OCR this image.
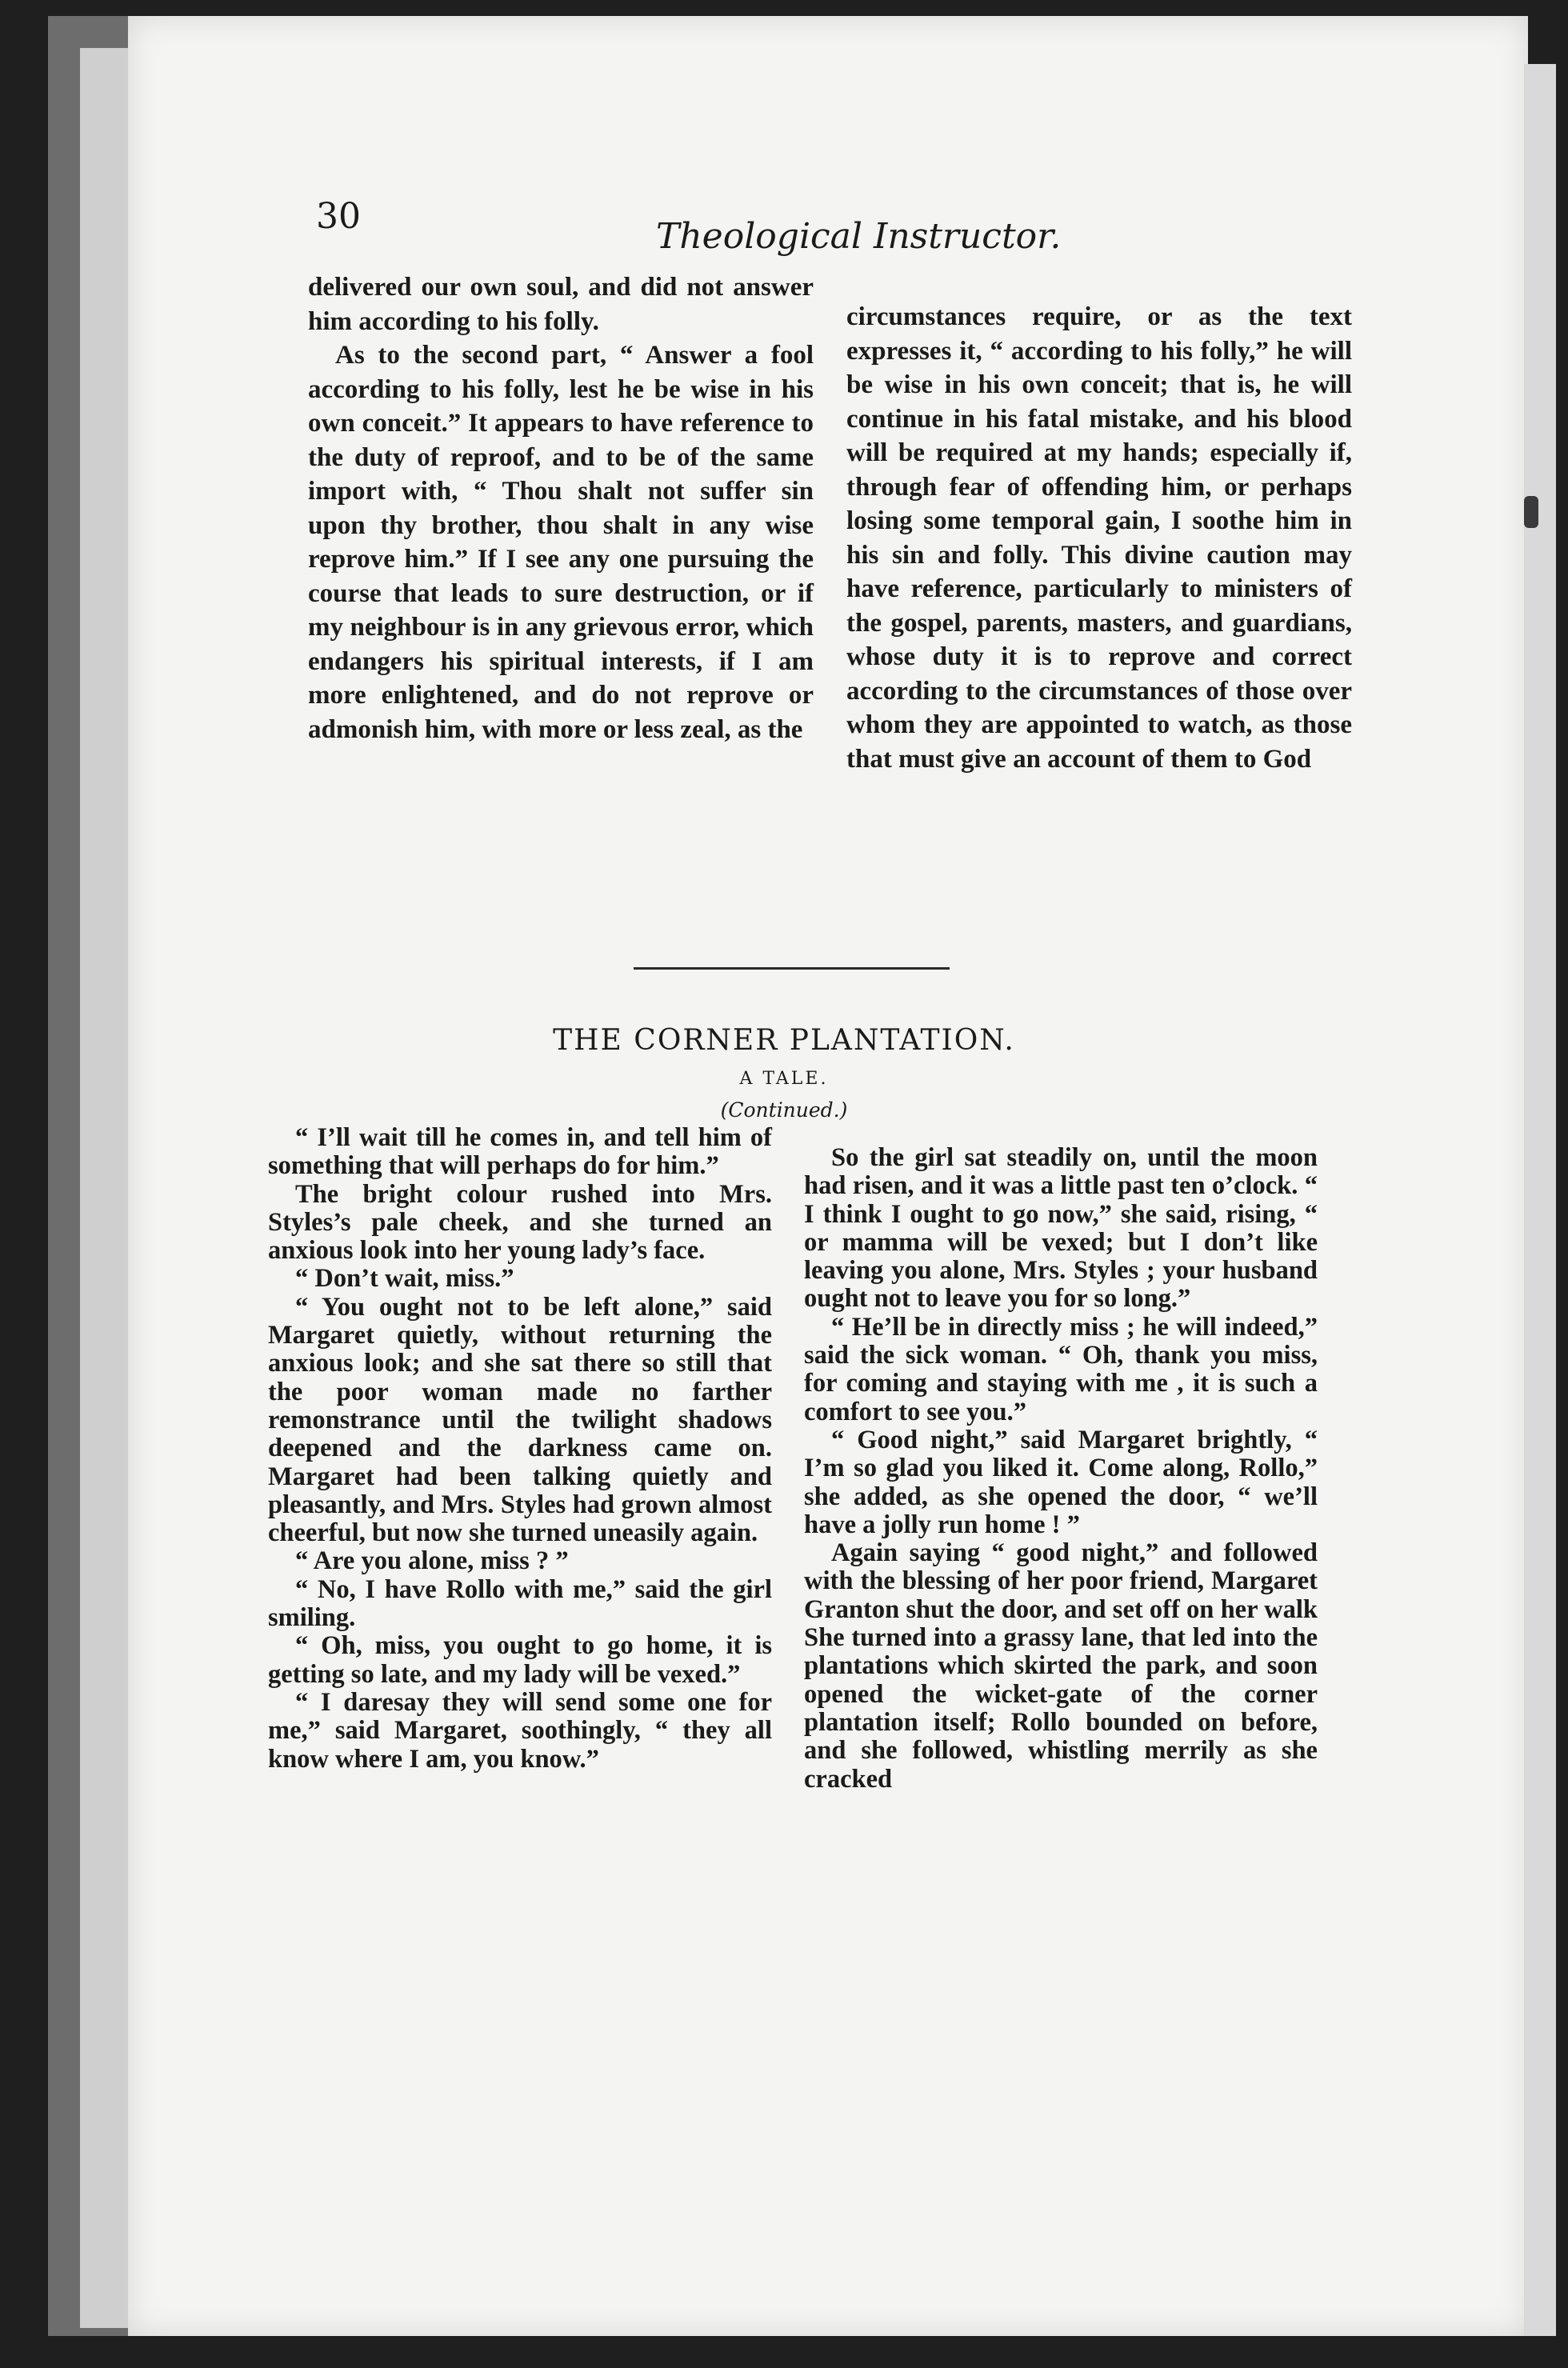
30	Theological Instructor.

delivered our own soul, and did not answer him according to his folly.

As to the second part, “ Answer a fool according to his folly, lest he be wise in his own conceit.” It appears to have reference to the duty of reproof, and to be of the same import with, “ Thou shalt not suffer sin upon thy brother, thou shalt in any wise reprove him.” If I see any one pursuing the course that leads to sure destruction, or if my neighbour is in any grievous error, which endangers his spiritual interests, if I am more enlightened, and do not reprove or admonish him, with more or less zeal, as the

circumstances require, or as the text expresses it, “ according to his folly,” he will be wise in his own conceit; that is, he will continue in his fatal mistake, and his blood will be required at my hands; especially if, through fear of offending him, or perhaps losing some temporal gain, I soothe him in his sin and folly. This divine caution may have reference, particularly to ministers of the gospel, parents, masters, and guardians, whose duty it is to reprove and correct according to the circumstances of those over whom they are appointed to watch, as those that must give an account of them to God

THE CORNER PLANTATION.
A TALE.
(Continued.)

“ I’ll wait till he comes in, and tell him of something that will perhaps do for him.”

The bright colour rushed into Mrs. Styles’s pale cheek, and she turned an anxious look into her young lady’s face.

“ Don’t wait, miss.”

“ You ought not to be left alone,” said Margaret quietly, without returning the anxious look; and she sat there so still that the poor woman made no farther remonstrance until the twilight shadows deepened and the darkness came on. Margaret had been talking quietly and pleasantly, and Mrs. Styles had grown almost cheerful, but now she turned uneasily again.

“ Are you alone, miss ? ”

“ No, I have Rollo with me,” said the girl smiling.

“ Oh, miss, you ought to go home, it is getting so late, and my lady will be vexed.”

“ I daresay they will send some one for me,” said Margaret, soothingly, “ they all know where I am, you know.”

So the girl sat steadily on, until the moon had risen, and it was a little past ten o’clock. “ I think I ought to go now,” she said, rising, “ or mamma will be vexed; but I don’t like leaving you alone, Mrs. Styles ; your husband ought not to leave you for so long.”

“ He’ll be in directly miss ; he will indeed,” said the sick woman. “ Oh, thank you miss, for coming and staying with me , it is such a comfort to see you.”

“ Good night,” said Margaret brightly, “ I’m so glad you liked it. Come along, Rollo,” she added, as she opened the door, “ we’ll have a jolly run home ! ”

Again saying “ good night,” and followed with the blessing of her poor friend, Margaret Granton shut the door, and set off on her walk She turned into a grassy lane, that led into the plantations which skirted the park, and soon opened the wicket-gate of the corner plantation itself; Rollo bounded on before, and she followed, whistling merrily as she cracked
